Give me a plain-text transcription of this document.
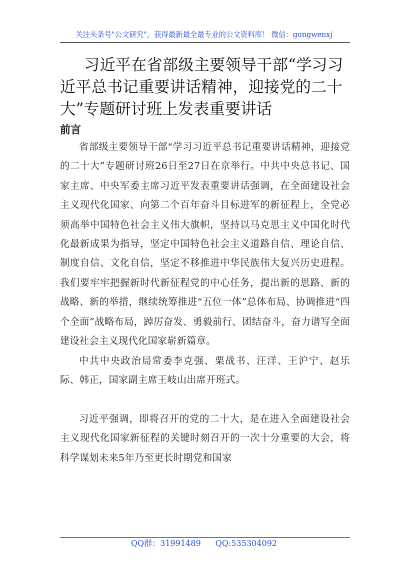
关注头条号"公文研究"，获得最新最全最专业的公文资料库！ 微信：gongwenxj
习近平在省部级主要领导干部“学习习近平总书记重要讲话精神，迎接党的二十大”专题研讨班上发表重要讲话
前言
省部级主要领导干部“学习习近平总书记重要讲话精神，迎接党的二十大”专题研讨班26日至27日在京举行。中共中央总书记、国家主席、中央军委主席习近平发表重要讲话强调，在全面建设社会主义现代化国家、向第二个百年奋斗目标进军的新征程上，全党必须高举中国特色社会主义伟大旗帜，坚持以马克思主义中国化时代化最新成果为指导，坚定中国特色社会主义道路自信、理论自信、制度自信、文化自信，坚定不移推进中华民族伟大复兴历史进程。我们要牢牢把握新时代新征程党的中心任务，提出新的思路、新的战略、新的举措，继续统筹推进“五位一体”总体布局、协调推进“四个全面”战略布局，踔厉奋发、勇毅前行、团结奋斗，奋力谱写全面建设社会主义现代化国家崭新篇章。
中共中央政治局常委李克强、栗战书、汪洋、王沪宁、赵乐际、韩正，国家副主席王岐山出席开班式。
习近平强调，即将召开的党的二十大，是在进入全面建设社会主义现代化国家新征程的关键时刻召开的一次十分重要的大会，将科学谋划未来5年乃至更长时期党和国家
QQ群：31991489 QQ:535304092
